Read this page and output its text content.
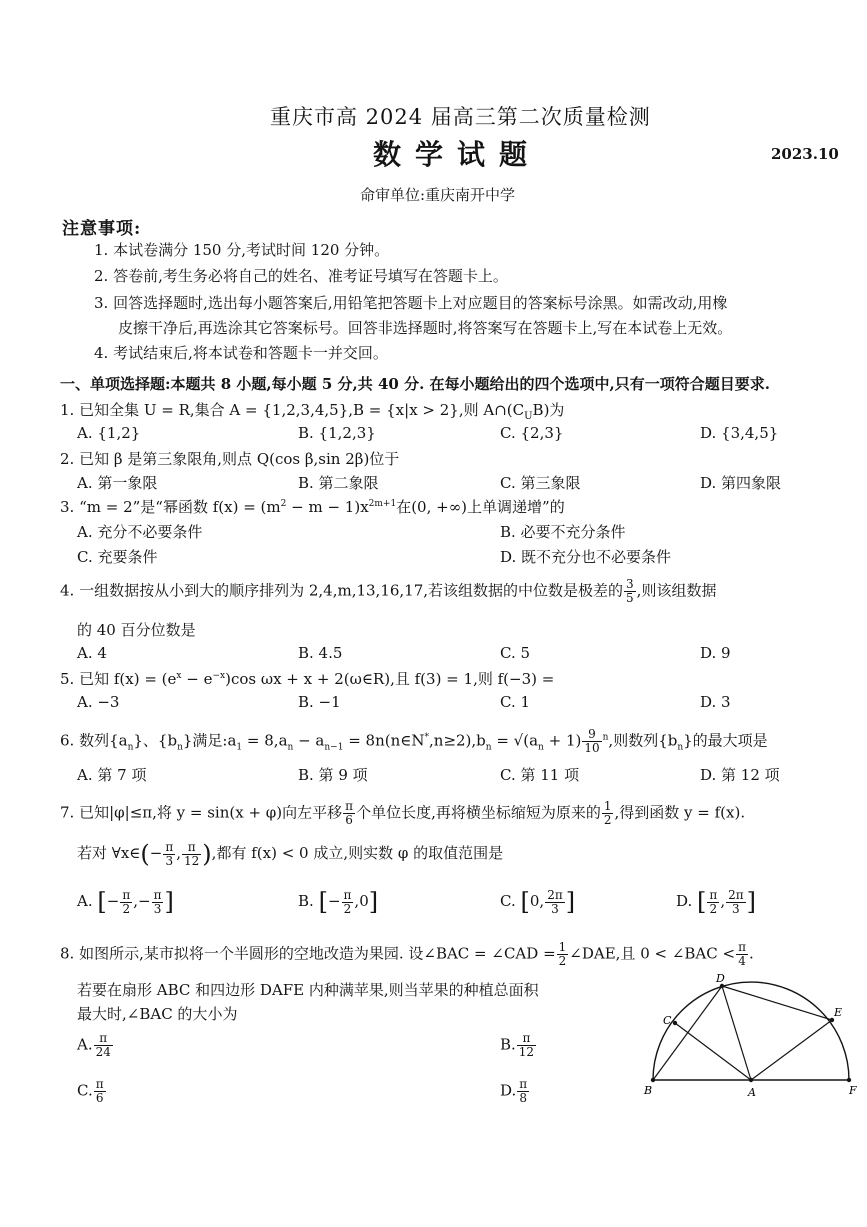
重庆市高 2024 届高三第二次质量检测
数学试题	2023.10
命审单位:重庆南开中学
注意事项:
1. 本试卷满分 150 分,考试时间 120 分钟。
2. 答卷前,考生务必将自己的姓名、准考证号填写在答题卡上。
3. 回答选择题时,选出每小题答案后,用铅笔把答题卡上对应题目的答案标号涂黑。如需改动,用橡
皮擦干净后,再选涂其它答案标号。回答非选择题时,将答案写在答题卡上,写在本试卷上无效。
4. 考试结束后,将本试卷和答题卡一并交回。
一、单项选择题:本题共 8 小题,每小题 5 分,共 40 分. 在每小题给出的四个选项中,只有一项符合题目要求.
1. 已知全集 U = R,集合 A = {1,2,3,4,5},B = {x|x > 2},则 $A\cap(C_UB)$为
A. {1,2}	B. {1,2,3}	C. {2,3}	D. {3,4,5}
2. 已知 β 是第三象限角,则点 Q(cos β,sin 2β)位于
A. 第一象限	B. 第二象限	C. 第三象限	D. 第四象限
3. “m = 2”是“幂函数 $f(x) = (m^2 - m - 1)x^{2m+1}$在(0, +∞)上单调递增”的
A. 充分不必要条件	B. 必要不充分条件
C. 充要条件	D. 既不充分也不必要条件
4. 一组数据按从小到大的顺序排列为 2,4,m,13,16,17,若该组数据的中位数是极差的 $\frac{3}{5}$ ,则该组数据
的 40 百分位数是
A. 4	B. 4.5	C. 5	D. 9
5. 已知 $f(x) = (e^x - e^{-x})\cos$ ωx + x + 2(ω∈R),且 f(3) = 1,则 f(−3) =
A. −3	B. −1	C. 1	D. 3
6. 数列$\{a_n\}$、$\{b_n\}$满足$:a_1 = 8,a_n - a_{n-1}$ = $8n(n\in N^*,n\ge 2),b_n = √(a_n + 1) \frac{9}{10} ^n$,则数列$\{b_n\}$的最大项是
A. 第 7 项	B. 第 9 项	C. 第 11 项	D. 第 12 项
7. 已知|φ|≤π,将 y = sin(x + φ)向左平移 $\frac{\pi}{6}$ 个单位长度,再将横坐标缩短为原来的 $\frac{1}{2}$ ,得到函数 y = f(x).
若对 ∀x∈(− $\frac{\pi}{3}$ , $\frac{\pi}{12}$ ),都有 f(x) < 0 成立,则实数 φ 的取值范围是
A. [− $\frac{\pi}{2}$ ,− $\frac{\pi}{3}$ ]	B. [− $\frac{\pi}{2} ,0$]	C. [0, $\frac{2\pi}{3}$ ]	D. [ $\frac{\pi}{2}$ , $\frac{2\pi}{3}$ ]
8. 如图所示,某市拟将一个半圆形的空地改造为果园. 设∠BAC = ∠CAD = $\frac{1}{2}$ ∠DAE,且 0 < ∠BAC < $\frac{\pi}{4}$ .
若要在扇形 ABC 和四边形 DAFE 内种满苹果,则当苹果的种植总面积
最大时,∠BAC 的大小为
A. $\frac{\pi}{24}$	B. $\frac{\pi}{12}$
C. $\frac{\pi}{6}$	D. $\frac{\pi}{8}$	B	A	F
C
D
E
